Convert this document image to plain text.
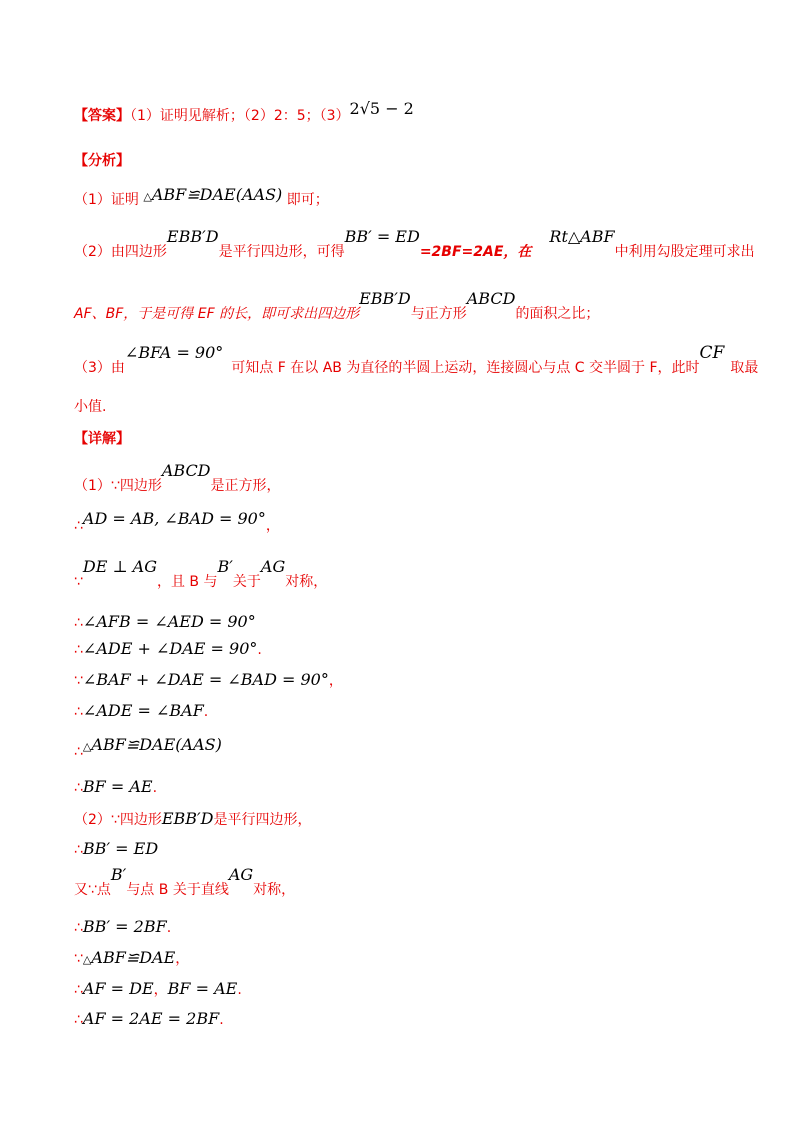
【答案】（1）证明见解析；（2）2：5；（3）2√5 − 2
【分析】
（1）证明 △ABF≌DAE(AAS) 即可；
（2）由四边形EBB′D是平行四边形，可得BB′ = ED=2BF=2AE，在Rt△ABF中利用勾股定理可求出
AF、BF，于是可得 EF 的长，即可求出四边形EBB′D与正方形ABCD的面积之比；
（3）由∠BFA = 90°可知点 F 在以 AB 为直径的半圆上运动，连接圆心与点 C 交半圆于 F，此时CF取最
小值.
【详解】
（1）∵四边形ABCD是正方形，
∴AD = AB, ∠BAD = 90°，
∵DE ⊥ AG，且 B 与B′关于AG对称，
∴∠AFB = ∠AED = 90°
∴∠ADE + ∠DAE = 90°.
∵∠BAF + ∠DAE = ∠BAD = 90°，
∴∠ADE = ∠BAF.
∴△ABF≌DAE(AAS)
∴BF = AE.
（2）∵四边形EBB′D是平行四边形，
∴BB′ = ED
又∵点B′与点 B 关于直线AG对称，
∴BB′ = 2BF.
∵△ABF≌DAE，
∴AF = DE，BF = AE.
∴AF = 2AE = 2BF.
